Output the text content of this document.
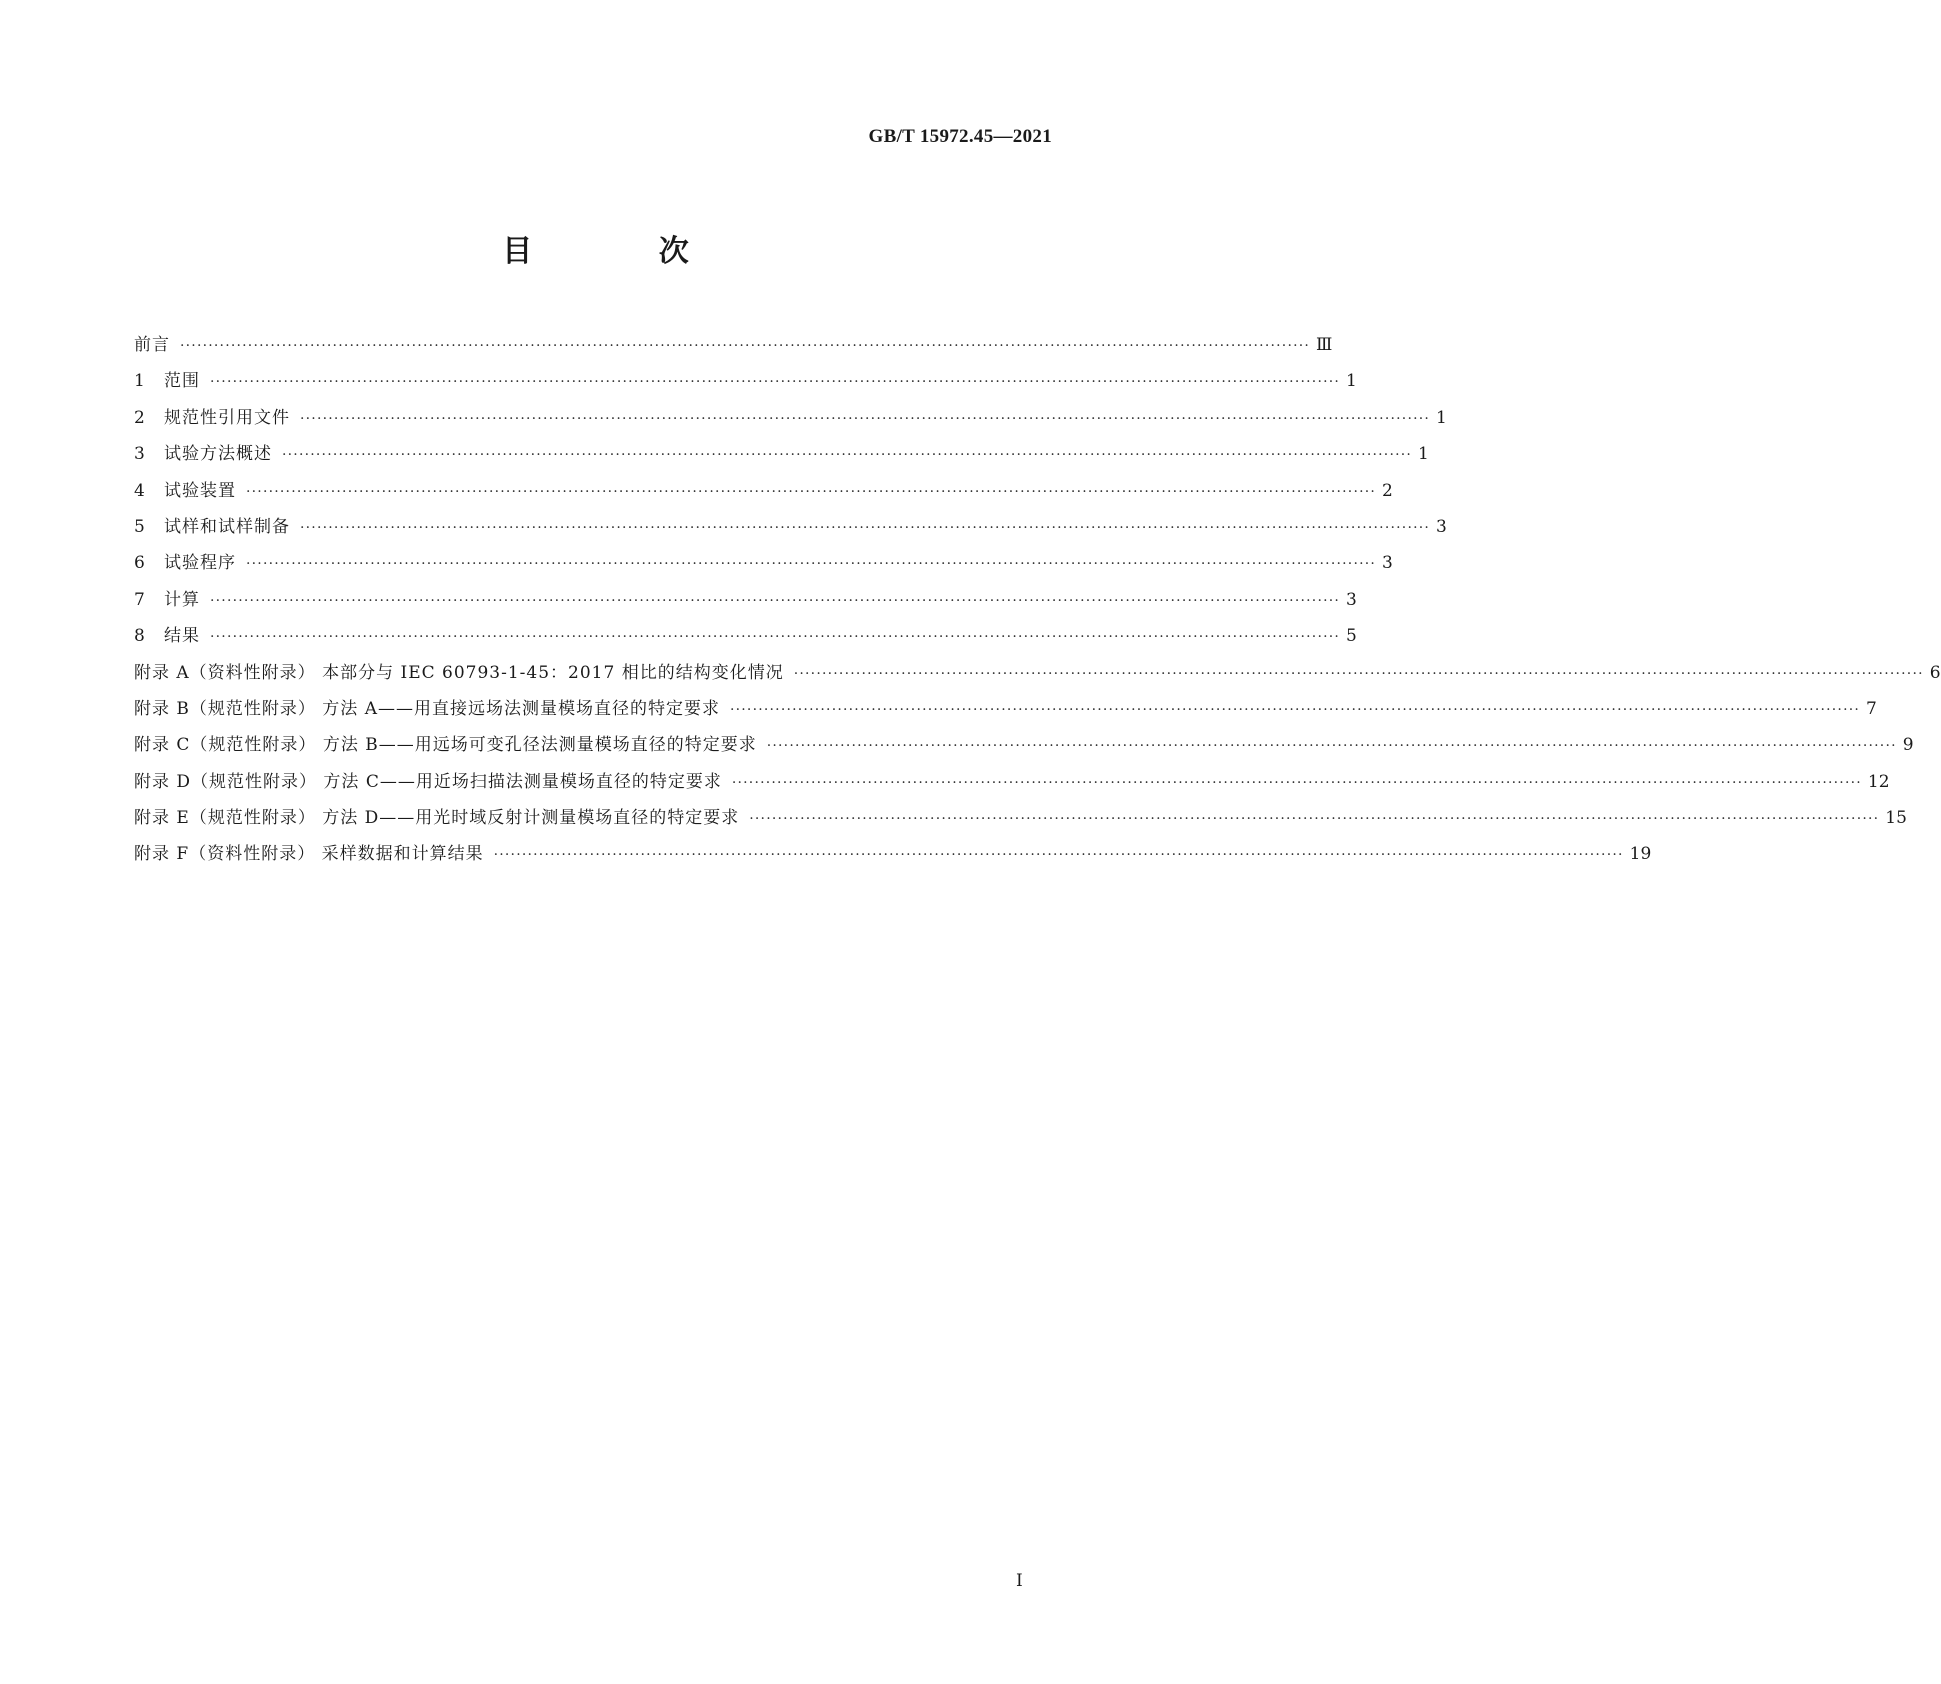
GB/T 15972.45—2021
目 次
前言 ········································································································································································································ Ⅲ
1	范围 ········································································································································································································ 1
2	规范性引用文件 ········································································································································································································ 1
3	试验方法概述 ········································································································································································································ 1
4	试验装置 ········································································································································································································ 2
5	试样和试样制备 ········································································································································································································ 3
6	试验程序 ········································································································································································································ 3
7	计算 ········································································································································································································ 3
8	结果 ········································································································································································································ 5
附录 A（资料性附录） 本部分与 IEC 60793-1-45：2017 相比的结构变化情况 ········································································································································································································ 6
附录 B（规范性附录） 方法 A——用直接远场法测量模场直径的特定要求 ········································································································································································································ 7
附录 C（规范性附录） 方法 B——用远场可变孔径法测量模场直径的特定要求 ········································································································································································································ 9
附录 D（规范性附录） 方法 C——用近场扫描法测量模场直径的特定要求 ········································································································································································································ 12
附录 E（规范性附录） 方法 D——用光时域反射计测量模场直径的特定要求 ········································································································································································································ 15
附录 F（资料性附录） 采样数据和计算结果 ········································································································································································································ 19
Ⅰ
